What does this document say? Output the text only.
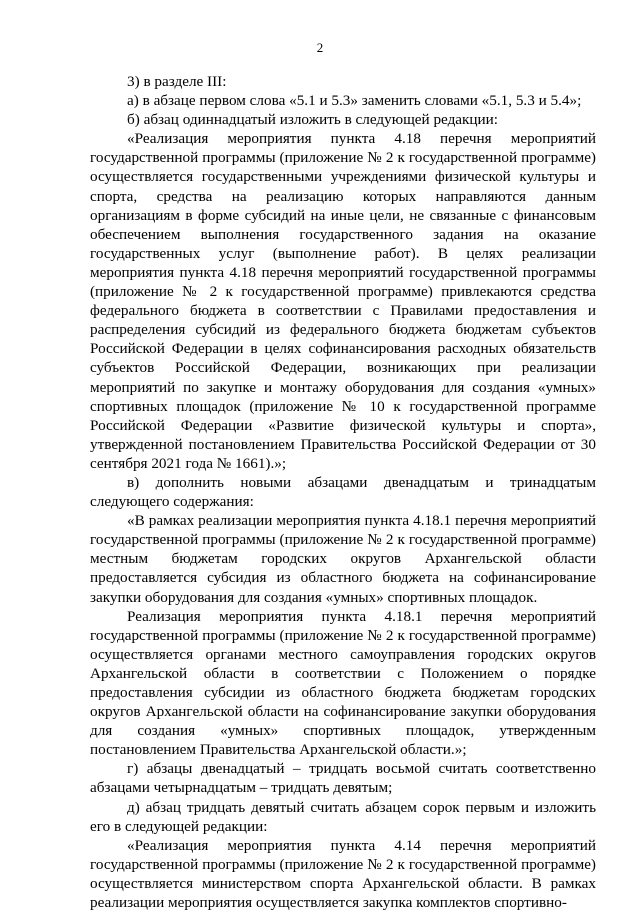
2

3) в разделе III:

а) в абзаце первом слова «5.1 и 5.3» заменить словами «5.1, 5.3 и 5.4»;

б) абзац одиннадцатый изложить в следующей редакции:

«Реализация мероприятия пункта 4.18 перечня мероприятий государственной программы (приложение № 2 к государственной программе) осуществляется государственными учреждениями физической культуры и спорта, средства на реализацию которых направляются данным организациям в форме субсидий на иные цели, не связанные с финансовым обеспечением выполнения государственного задания на оказание государственных услуг (выполнение работ). В целях реализации мероприятия пункта 4.18 перечня мероприятий государственной программы (приложение № 2 к государственной программе) привлекаются средства федерального бюджета в соответствии с Правилами предоставления и распределения субсидий из федерального бюджета бюджетам субъектов Российской Федерации в целях софинансирования расходных обязательств субъектов Российской Федерации, возникающих при реализации мероприятий по закупке и монтажу оборудования для создания «умных» спортивных площадок (приложение № 10 к государственной программе Российской Федерации «Развитие физической культуры и спорта», утвержденной постановлением Правительства Российской Федерации от 30 сентября 2021 года № 1661).»;

в) дополнить новыми абзацами двенадцатым и тринадцатым следующего содержания:

«В рамках реализации мероприятия пункта 4.18.1 перечня мероприятий государственной программы (приложение № 2 к государственной программе) местным бюджетам городских округов Архангельской области предоставляется субсидия из областного бюджета на софинансирование закупки оборудования для создания «умных» спортивных площадок.

Реализация мероприятия пункта 4.18.1 перечня мероприятий государственной программы (приложение № 2 к государственной программе) осуществляется органами местного самоуправления городских округов Архангельской области в соответствии с Положением о порядке предоставления субсидии из областного бюджета бюджетам городских округов Архангельской области на софинансирование закупки оборудования для создания «умных» спортивных площадок, утвержденным постановлением Правительства Архангельской области.»;

г) абзацы двенадцатый – тридцать восьмой считать соответственно абзацами четырнадцатым – тридцать девятым;

д) абзац тридцать девятый считать абзацем сорок первым и изложить его в следующей редакции:

«Реализация мероприятия пункта 4.14 перечня мероприятий государственной программы (приложение № 2 к государственной программе) осуществляется министерством спорта Архангельской области. В рамках реализации мероприятия осуществляется закупка комплектов спортивно-
